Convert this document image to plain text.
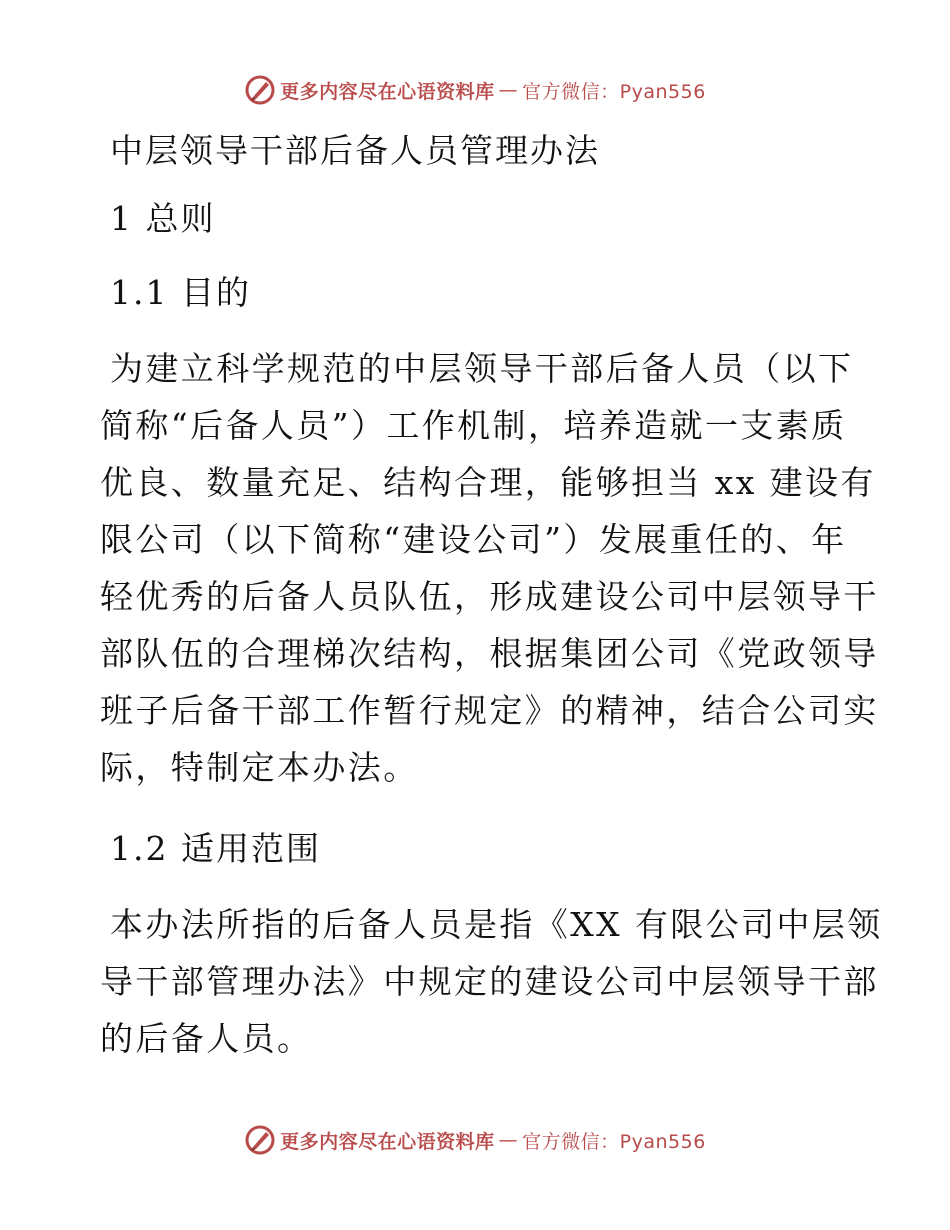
更多内容尽在心语资料库 — 官方微信：Pyan556
中层领导干部后备人员管理办法
1 总则
1.1 目的
为建立科学规范的中层领导干部后备人员（以下
简称“后备人员”）工作机制，培养造就一支素质
优良、数量充足、结构合理，能够担当 xx 建设有
限公司（以下简称“建设公司”）发展重任的、年
轻优秀的后备人员队伍，形成建设公司中层领导干
部队伍的合理梯次结构，根据集团公司《党政领导
班子后备干部工作暂行规定》的精神，结合公司实
际，特制定本办法。
1.2 适用范围
本办法所指的后备人员是指《XX 有限公司中层领
导干部管理办法》中规定的建设公司中层领导干部
的后备人员。
更多内容尽在心语资料库 — 官方微信：Pyan556
